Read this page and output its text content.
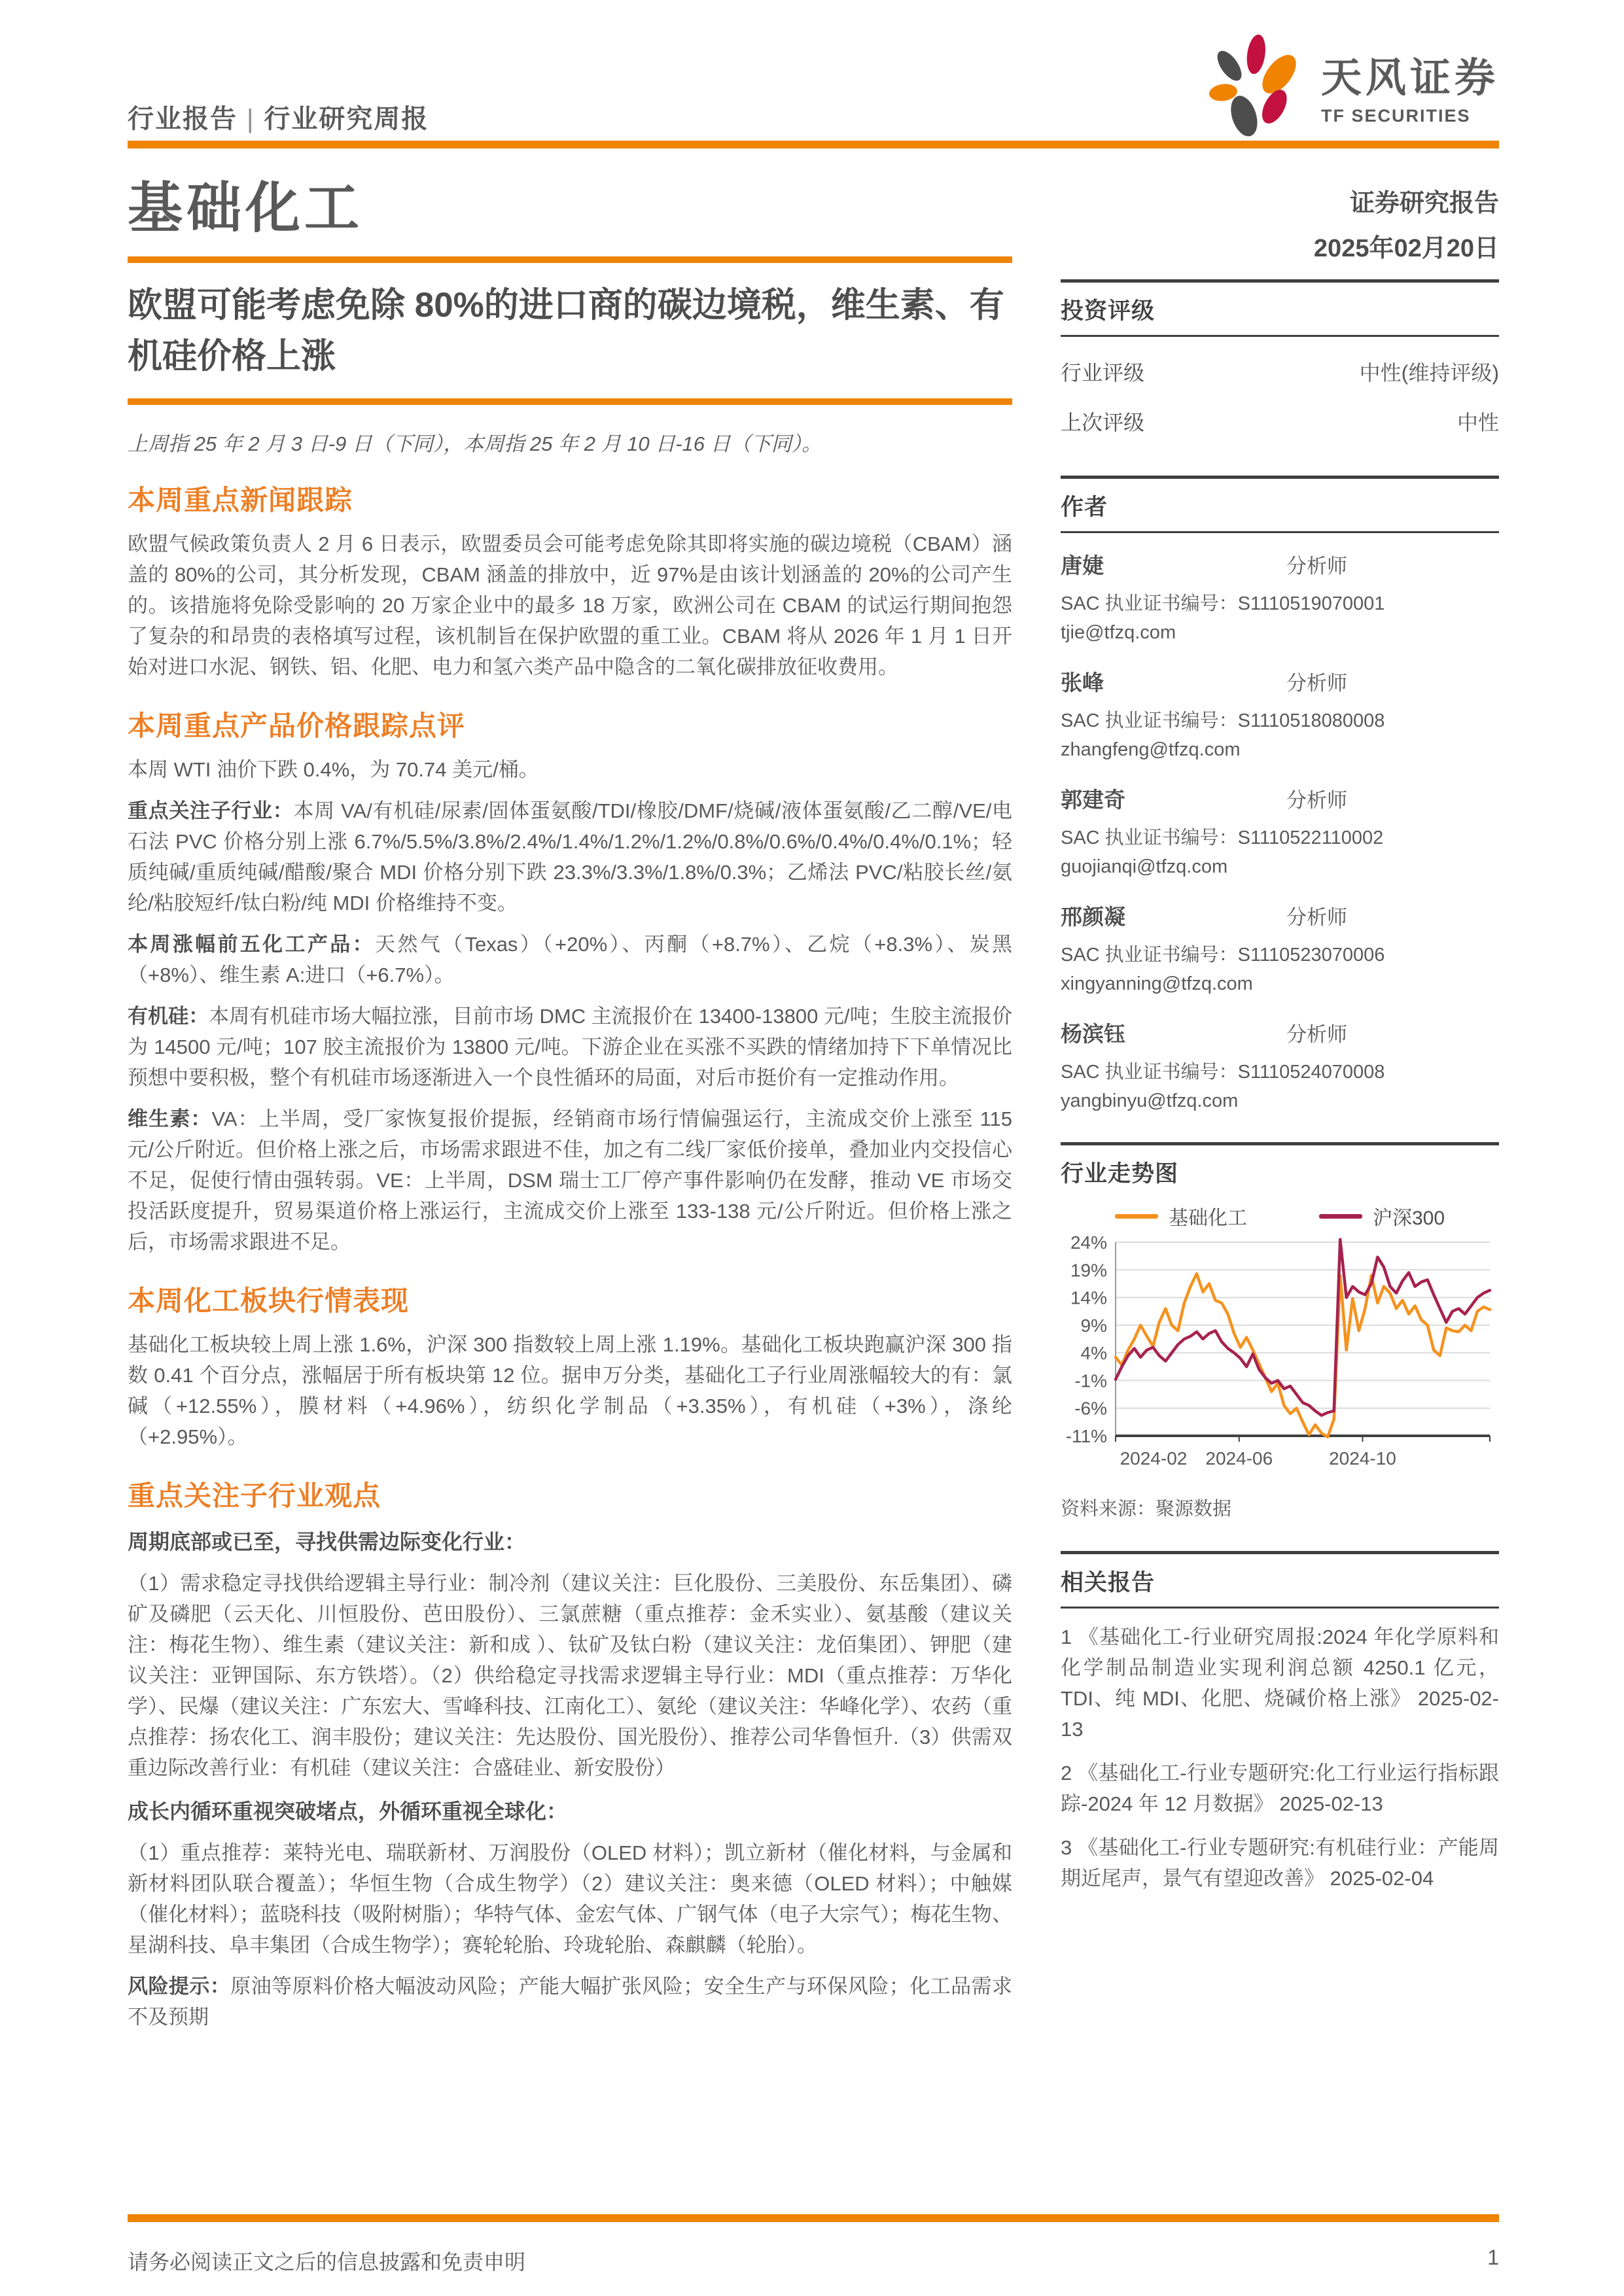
行业报告 | 行业研究周报
天风证券
TF SECURITIES
基础化工
欧盟可能考虑免除 80%的进口商的碳边境税，维生素、有机硅价格上涨
上周指 25 年 2 月 3 日-9 日（下同），本周指 25 年 2 月 10 日-16 日（下同）。
本周重点新闻跟踪

欧盟气候政策负责人 2 月 6 日表示，欧盟委员会可能考虑免除其即将实施的碳边境税（CBAM）涵盖的 80%的公司，其分析发现，CBAM 涵盖的排放中，近 97%是由该计划涵盖的 20%的公司产生的。该措施将免除受影响的 20 万家企业中的最多 18 万家，欧洲公司在 CBAM 的试运行期间抱怨了复杂的和昂贵的表格填写过程，该机制旨在保护欧盟的重工业。CBAM 将从 2026 年 1 月 1 日开始对进口水泥、钢铁、铝、化肥、电力和氢六类产品中隐含的二氧化碳排放征收费用。

本周重点产品价格跟踪点评

本周 WTI 油价下跌 0.4%，为 70.74 美元/桶。

重点关注子行业：本周 VA/有机硅/尿素/固体蛋氨酸/TDI/橡胶/DMF/烧碱/液体蛋氨酸/乙二醇/VE/电石法 PVC 价格分别上涨 6.7%/5.5%/3.8%/2.4%/1.4%/1.2%/1.2%/0.8%/0.6%/0.4%/0.4%/0.1%；轻质纯碱/重质纯碱/醋酸/聚合 MDI 价格分别下跌 23.3%/3.3%/1.8%/0.3%；乙烯法 PVC/粘胶长丝/氨纶/粘胶短纤/钛白粉/纯 MDI 价格维持不变。

本周涨幅前五化工产品：天然气（Texas）（+20%）、丙酮（+8.7%）、乙烷（+8.3%）、炭黑（+8%）、维生素 A:进口（+6.7%）。

有机硅：本周有机硅市场大幅拉涨，目前市场 DMC 主流报价在 13400-13800 元/吨；生胶主流报价为 14500 元/吨；107 胶主流报价为 13800 元/吨。下游企业在买涨不买跌的情绪加持下下单情况比预想中要积极，整个有机硅市场逐渐进入一个良性循环的局面，对后市挺价有一定推动作用。

维生素：VA：上半周，受厂家恢复报价提振，经销商市场行情偏强运行，主流成交价上涨至 115 元/公斤附近。但价格上涨之后，市场需求跟进不佳，加之有二线厂家低价接单，叠加业内交投信心不足，促使行情由强转弱。VE：上半周，DSM 瑞士工厂停产事件影响仍在发酵，推动 VE 市场交投活跃度提升，贸易渠道价格上涨运行，主流成交价上涨至 133-138 元/公斤附近。但价格上涨之后，市场需求跟进不足。

本周化工板块行情表现

基础化工板块较上周上涨 1.6%，沪深 300 指数较上周上涨 1.19%。基础化工板块跑赢沪深 300 指数 0.41 个百分点，涨幅居于所有板块第 12 位。据申万分类，基础化工子行业周涨幅较大的有：氯碱（+12.55%），膜材料（+4.96%），纺织化学制品（+3.35%），有机硅（+3%），涤纶（+2.95%）。

重点关注子行业观点

周期底部或已至，寻找供需边际变化行业：

（1）需求稳定寻找供给逻辑主导行业：制冷剂（建议关注：巨化股份、三美股份、东岳集团）、磷矿及磷肥（云天化、川恒股份、芭田股份）、三氯蔗糖（重点推荐：金禾实业）、氨基酸（建议关注：梅花生物）、维生素（建议关注：新和成 ）、钛矿及钛白粉（建议关注：龙佰集团）、钾肥（建议关注：亚钾国际、东方铁塔）。（2）供给稳定寻找需求逻辑主导行业：MDI（重点推荐：万华化学）、民爆（建议关注：广东宏大、雪峰科技、江南化工）、氨纶（建议关注：华峰化学）、农药（重点推荐：扬农化工、润丰股份；建议关注：先达股份、国光股份）、推荐公司华鲁恒升.（3）供需双重边际改善行业：有机硅（建议关注：合盛硅业、新安股份）

成长内循环重视突破堵点，外循环重视全球化：

（1）重点推荐：莱特光电、瑞联新材、万润股份（OLED 材料）；凯立新材（催化材料，与金属和新材料团队联合覆盖）；华恒生物（合成生物学）（2）建议关注：奥来德（OLED 材料）；中触媒（催化材料）；蓝晓科技（吸附树脂）；华特气体、金宏气体、广钢气体（电子大宗气）；梅花生物、星湖科技、阜丰集团（合成生物学）；赛轮轮胎、玲珑轮胎、森麒麟（轮胎）。

风险提示：原油等原料价格大幅波动风险；产能大幅扩张风险；安全生产与环保风险；化工品需求不及预期

证券研究报告
2025年02月20日
投资评级
行业评级	中性(维持评级)
上次评级	中性
作者
唐婕	分析师
SAC 执业证书编号：S1110519070001
tjie@tfzq.com
张峰	分析师
SAC 执业证书编号：S1110518080008
zhangfeng@tfzq.com
郭建奇	分析师
SAC 执业证书编号：S1110522110002
guojianqi@tfzq.com
邢颜凝	分析师
SAC 执业证书编号：S1110523070006
xingyanning@tfzq.com
杨滨钰	分析师
SAC 执业证书编号：S1110524070008
yangbinyu@tfzq.com
行业走势图
基础化工	沪深300
24%
19%
14%
9%
4%
-1%
-6%
-11%
2024-02 2024-06	2024-10
资料来源：聚源数据
相关报告
1 《基础化工-行业研究周报:2024 年化学原料和化学制品制造业实现利润总额 4250.1 亿元，TDI、纯 MDI、化肥、烧碱价格上涨》 2025-02-13
2 《基础化工-行业专题研究:化工行业运行指标跟踪-2024 年 12 月数据》 2025-02-13
3 《基础化工-行业专题研究:有机硅行业：产能周期近尾声，景气有望迎改善》 2025-02-04
请务必阅读正文之后的信息披露和免责申明	1
